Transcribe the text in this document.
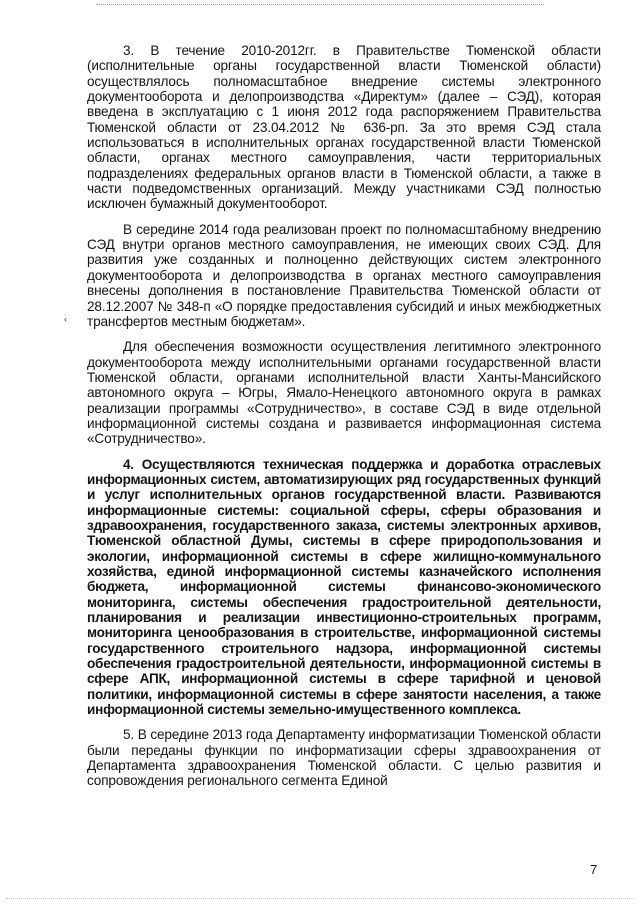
3. В течение 2010-2012гг. в Правительстве Тюменской области (исполнительные органы государственной власти Тюменской области) осуществлялось полномасштабное внедрение системы электронного документооборота и делопроизводства «Директум» (далее – СЭД), которая введена в эксплуатацию с 1 июня 2012 года распоряжением Правительства Тюменской области от 23.04.2012 № 636-рп. За это время СЭД стала использоваться в исполнительных органах государственной власти Тюменской области, органах местного самоуправления, части территориальных подразделениях федеральных органов власти в Тюменской области, а также в части подведомственных организаций. Между участниками СЭД полностью исключен бумажный документооборот.

В середине 2014 года реализован проект по полномасштабному внедрению СЭД внутри органов местного самоуправления, не имеющих своих СЭД. Для развития уже созданных и полноценно действующих систем электронного документооборота и делопроизводства в органах местного самоуправления внесены дополнения в постановление Правительства Тюменской области от 28.12.2007 № 348-п «О порядке предоставления субсидий и иных межбюджетных трансфертов местным бюджетам».

Для обеспечения возможности осуществления легитимного электронного документооборота между исполнительными органами государственной власти Тюменской области, органами исполнительной власти Ханты-Мансийского автономного округа – Югры, Ямало-Ненецкого автономного округа в рамках реализации программы «Сотрудничество», в составе СЭД в виде отдельной информационной системы создана и развивается информационная система «Сотрудничество».

4. Осуществляются техническая поддержка и доработка отраслевых информационных систем, автоматизирующих ряд государственных функций и услуг исполнительных органов государственной власти. Развиваются информационные системы: социальной сферы, сферы образования и здравоохранения, государственного заказа, системы электронных архивов, Тюменской областной Думы, системы в сфере природопользования и экологии, информационной системы в сфере жилищно-коммунального хозяйства, единой информационной системы казначейского исполнения бюджета, информационной системы финансово-экономического мониторинга, системы обеспечения градостроительной деятельности, планирования и реализации инвестиционно-строительных программ, мониторинга ценообразования в строительстве, информационной системы государственного строительного надзора, информационной системы обеспечения градостроительной деятельности, информационной системы в сфере АПК, информационной системы в сфере тарифной и ценовой политики, информационной системы в сфере занятости населения, а также информационной системы земельно-имущественного комплекса.

5. В середине 2013 года Департаменту информатизации Тюменской области были переданы функции по информатизации сферы здравоохранения от Департамента здравоохранения Тюменской области. С целью развития и сопровождения регионального сегмента Единой

‹
7
